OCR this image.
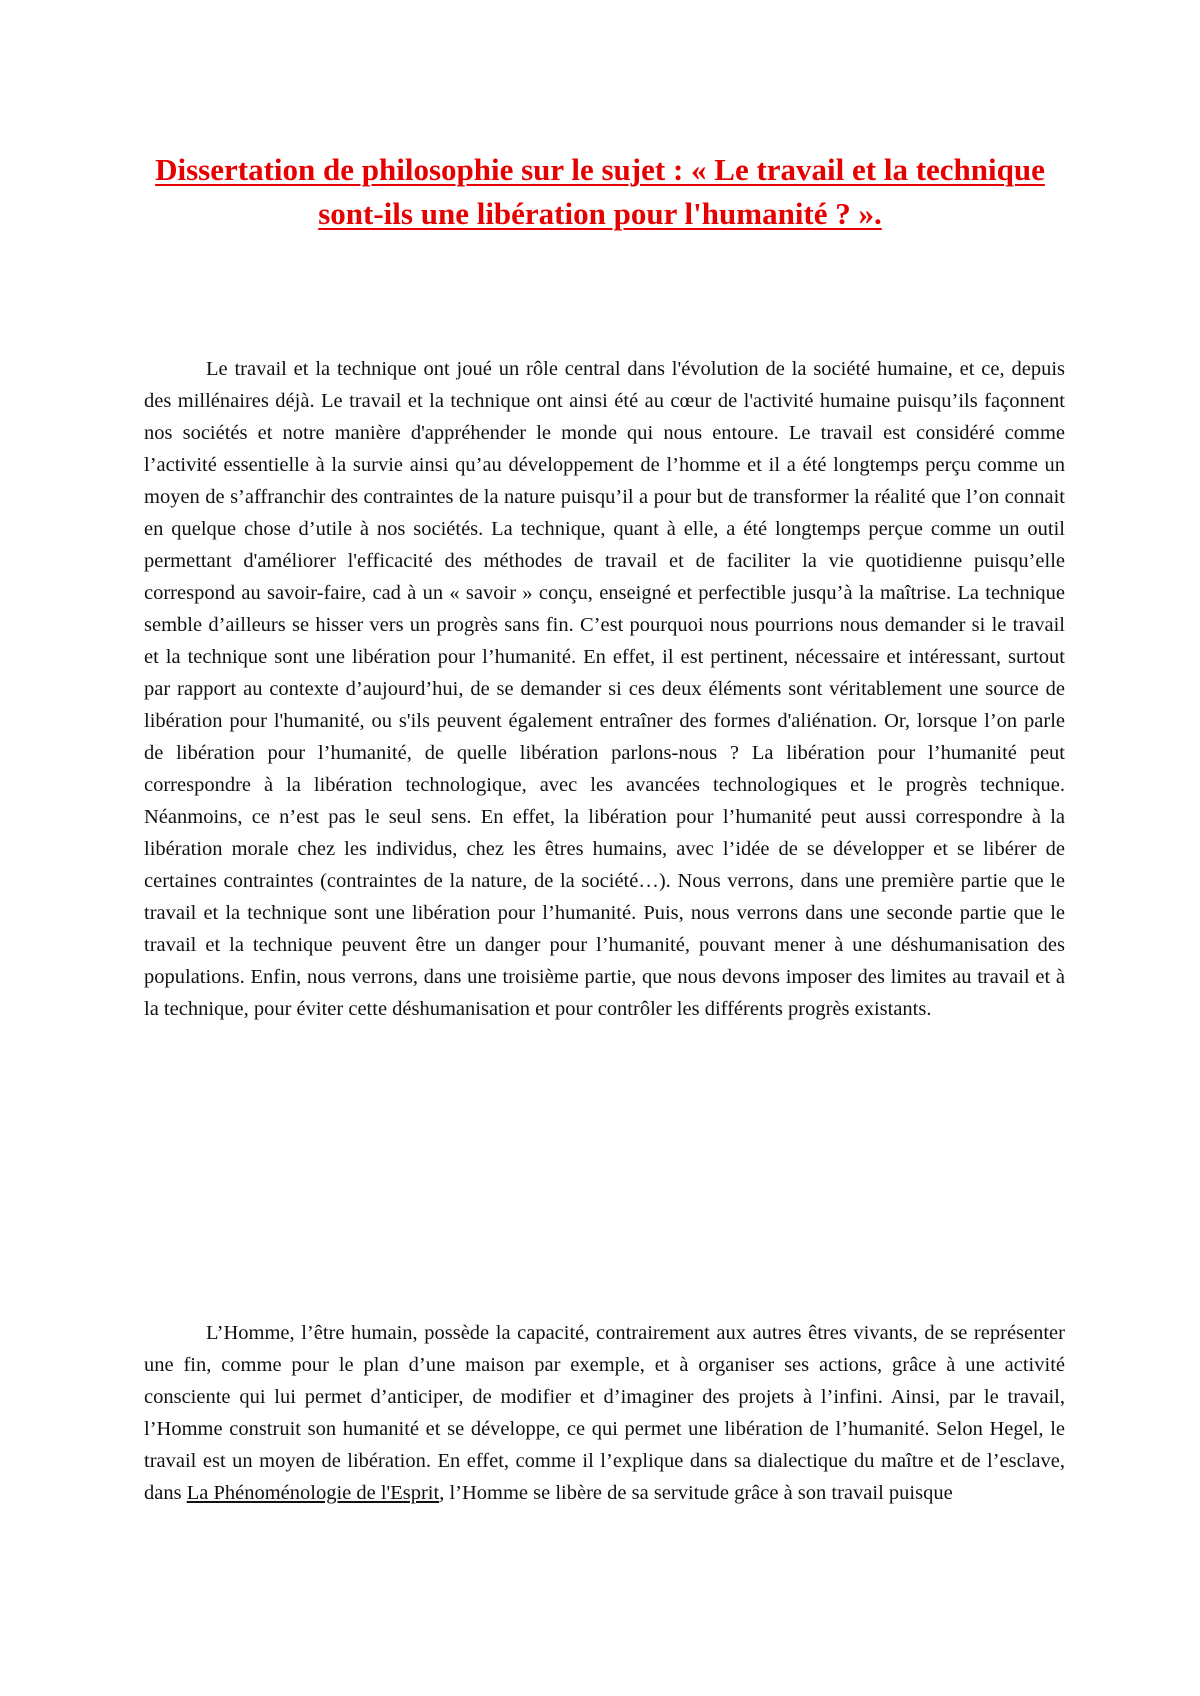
Dissertation de philosophie sur le sujet : « Le travail et la technique sont-ils une libération pour l'humanité ? ».

Le travail et la technique ont joué un rôle central dans l'évolution de la société humaine, et ce, depuis des millénaires déjà. Le travail et la technique ont ainsi été au cœur de l'activité humaine puisqu’ils façonnent nos sociétés et notre manière d'appréhender le monde qui nous entoure. Le travail est considéré comme l’activité essentielle à la survie ainsi qu’au développement de l’homme et il a été longtemps perçu comme un moyen de s’affranchir des contraintes de la nature puisqu’il a pour but de transformer la réalité que l’on connait en quelque chose d’utile à nos sociétés. La technique, quant à elle, a été longtemps perçue comme un outil permettant d'améliorer l'efficacité des méthodes de travail et de faciliter la vie quotidienne puisqu’elle correspond au savoir-faire, cad à un « savoir » conçu, enseigné et perfectible jusqu’à la maîtrise. La technique semble d’ailleurs se hisser vers un progrès sans fin. C’est pourquoi nous pourrions nous demander si le travail et la technique sont une libération pour l’humanité. En effet, il est pertinent, nécessaire et intéressant, surtout par rapport au contexte d’aujourd’hui, de se demander si ces deux éléments sont véritablement une source de libération pour l'humanité, ou s'ils peuvent également entraîner des formes d'aliénation. Or, lorsque l’on parle de libération pour l’humanité, de quelle libération parlons-nous ? La libération pour l’humanité peut correspondre à la libération technologique, avec les avancées technologiques et le progrès technique. Néanmoins, ce n’est pas le seul sens. En effet, la libération pour l’humanité peut aussi correspondre à la libération morale chez les individus, chez les êtres humains, avec l’idée de se développer et se libérer de certaines contraintes (contraintes de la nature, de la société…). Nous verrons, dans une première partie que le travail et la technique sont une libération pour l’humanité. Puis, nous verrons dans une seconde partie que le travail et la technique peuvent être un danger pour l’humanité, pouvant mener à une déshumanisation des populations. Enfin, nous verrons, dans une troisième partie, que nous devons imposer des limites au travail et à la technique, pour éviter cette déshumanisation et pour contrôler les différents progrès existants.

L’Homme, l’être humain, possède la capacité, contrairement aux autres êtres vivants, de se représenter une fin, comme pour le plan d’une maison par exemple, et à organiser ses actions, grâce à une activité consciente qui lui permet d’anticiper, de modifier et d’imaginer des projets à l’infini. Ainsi, par le travail, l’Homme construit son humanité et se développe, ce qui permet une libération de l’humanité. Selon Hegel, le travail est un moyen de libération. En effet, comme il l’explique dans sa dialectique du maître et de l’esclave, dans La Phénoménologie de l'Esprit, l’Homme se libère de sa servitude grâce à son travail puisque
